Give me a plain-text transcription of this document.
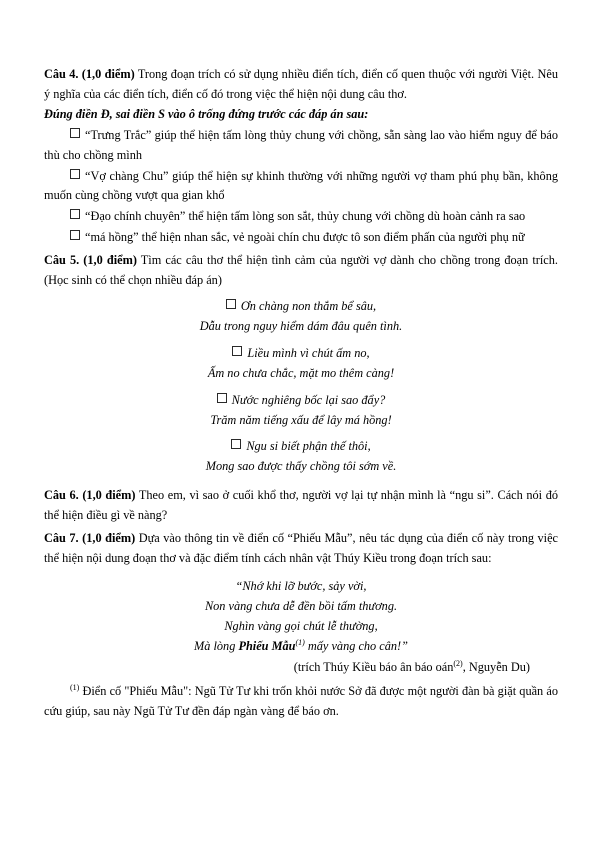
Câu 4. (1,0 điểm) Trong đoạn trích có sử dụng nhiều điển tích, điển cố quen thuộc với người Việt. Nêu ý nghĩa của các điển tích, điển cố đó trong việc thể hiện nội dung câu thơ.

Đúng điền Đ, sai điền S vào ô trống đứng trước các đáp án sau:

“Trưng Trắc” giúp thể hiện tấm lòng thủy chung với chồng, sẵn sàng lao vào hiểm nguy để báo thù cho chồng mình

“Vợ chàng Chu” giúp thể hiện sự khinh thường với những người vợ tham phú phụ bần, không muốn cùng chồng vượt qua gian khổ

“Đạo chính chuyên” thể hiện tấm lòng son sắt, thủy chung với chồng dù hoàn cảnh ra sao

“má hồng” thể hiện nhan sắc, vẻ ngoài chín chu được tô son điểm phấn của người phụ nữ

Câu 5. (1,0 điểm) Tìm các câu thơ thể hiện tình cảm của người vợ dành cho chồng trong đoạn trích. (Học sinh có thể chọn nhiều đáp án)

Ơn chàng non thắm bể sâu,

Dẫu trong nguy hiểm dám đâu quên tình.

Liều mình vì chút ấm no,

Ấm no chưa chắc, mặt mo thêm càng!

Nước nghiêng bốc lại sao đẩy?

Trăm năm tiếng xấu để lây má hồng!

Ngu si biết phận thế thôi,

Mong sao được thấy chồng tôi sớm về.

Câu 6. (1,0 điểm) Theo em, vì sao ở cuối khổ thơ, người vợ lại tự nhận mình là “ngu si”. Cách nói đó thể hiện điều gì về nàng?

Câu 7. (1,0 điểm) Dựa vào thông tin về điển cố “Phiếu Mẫu”, nêu tác dụng của điển cố này trong việc thể hiện nội dung đoạn thơ và đặc điểm tính cách nhân vật Thúy Kiều trong đoạn trích sau:

“Nhớ khi lỡ bước, sảy vời,

Non vàng chưa dễ đền bồi tấm thương.

Nghìn vàng gọi chút lễ thường,

Mà lòng Phiếu Mẫu$^{(1)}$ mấy vàng cho cân!”

(trích Thúy Kiều báo ân báo oán$^{(2)}$, Nguyễn Du)

$^{(1)}$ Điển cố "Phiếu Mẫu": Ngũ Tử Tư khi trốn khỏi nước Sở đã được một người đàn bà giặt quần áo cứu giúp, sau này Ngũ Tử Tư đền đáp ngàn vàng để báo ơn.
